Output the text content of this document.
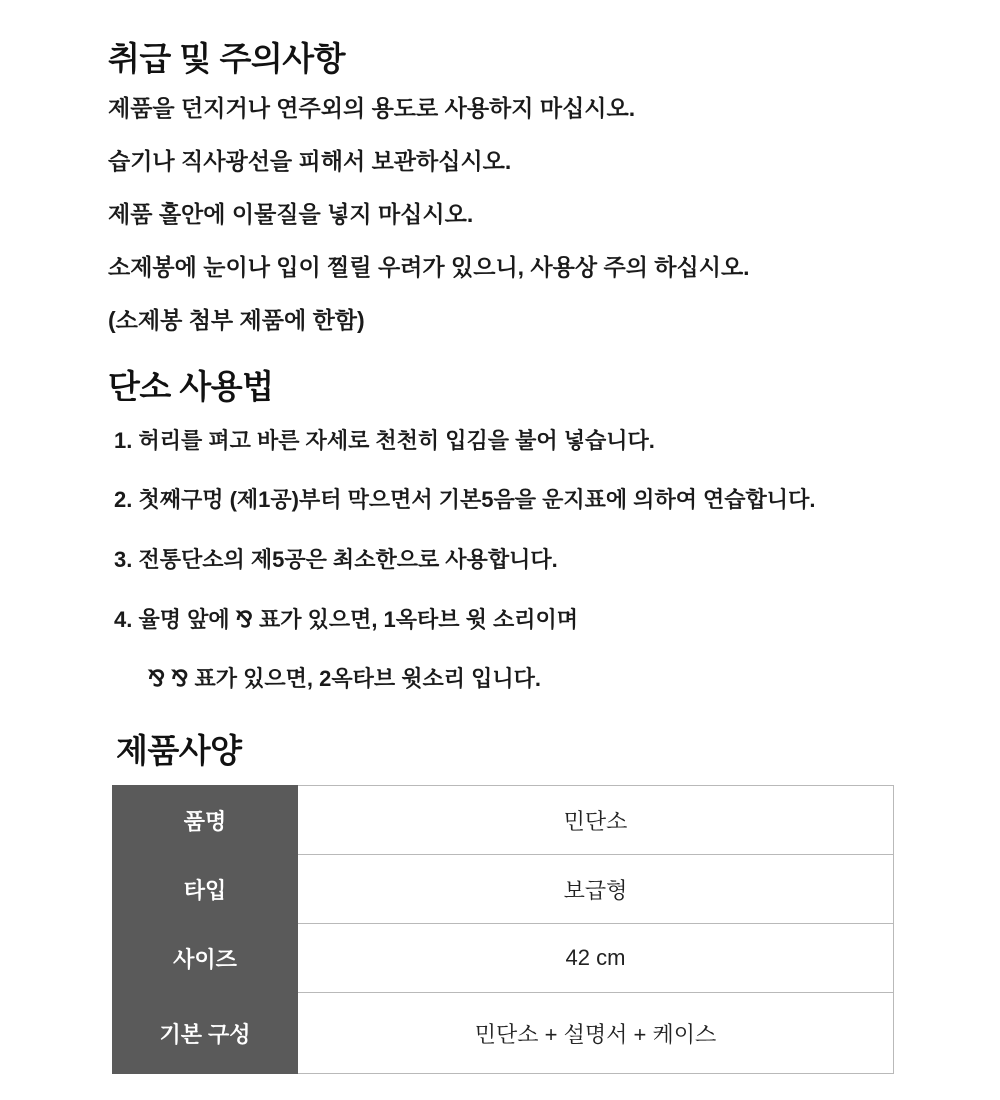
취급 및 주의사항

제품을 던지거나 연주외의 용도로 사용하지 마십시오.

습기나 직사광선을 피해서 보관하십시오.

제품 홀안에 이물질을 넣지 마십시오.

소제봉에 눈이나 입이 찔릴 우려가 있으니, 사용상 주의 하십시오.

(소제봉 첨부 제품에 한함)

단소 사용법

1. 허리를 펴고 바른 자세로 천천히 입김을 불어 넣습니다.

2. 첫째구멍 (제1공)부터 막으면서 기본5음을 운지표에 의하여 연습합니다.

3. 전통단소의 제5공은 최소한으로 사용합니다.

4. 율명 앞에 ⅋ 표가 있으면, 1옥타브 윗 소리이며

⅋ ⅋ 표가 있으면, 2옥타브 윗소리 입니다.

제품사양
품명	민단소
타입	보급형
사이즈	42 cm
기본 구성	민단소 + 설명서 + 케이스
